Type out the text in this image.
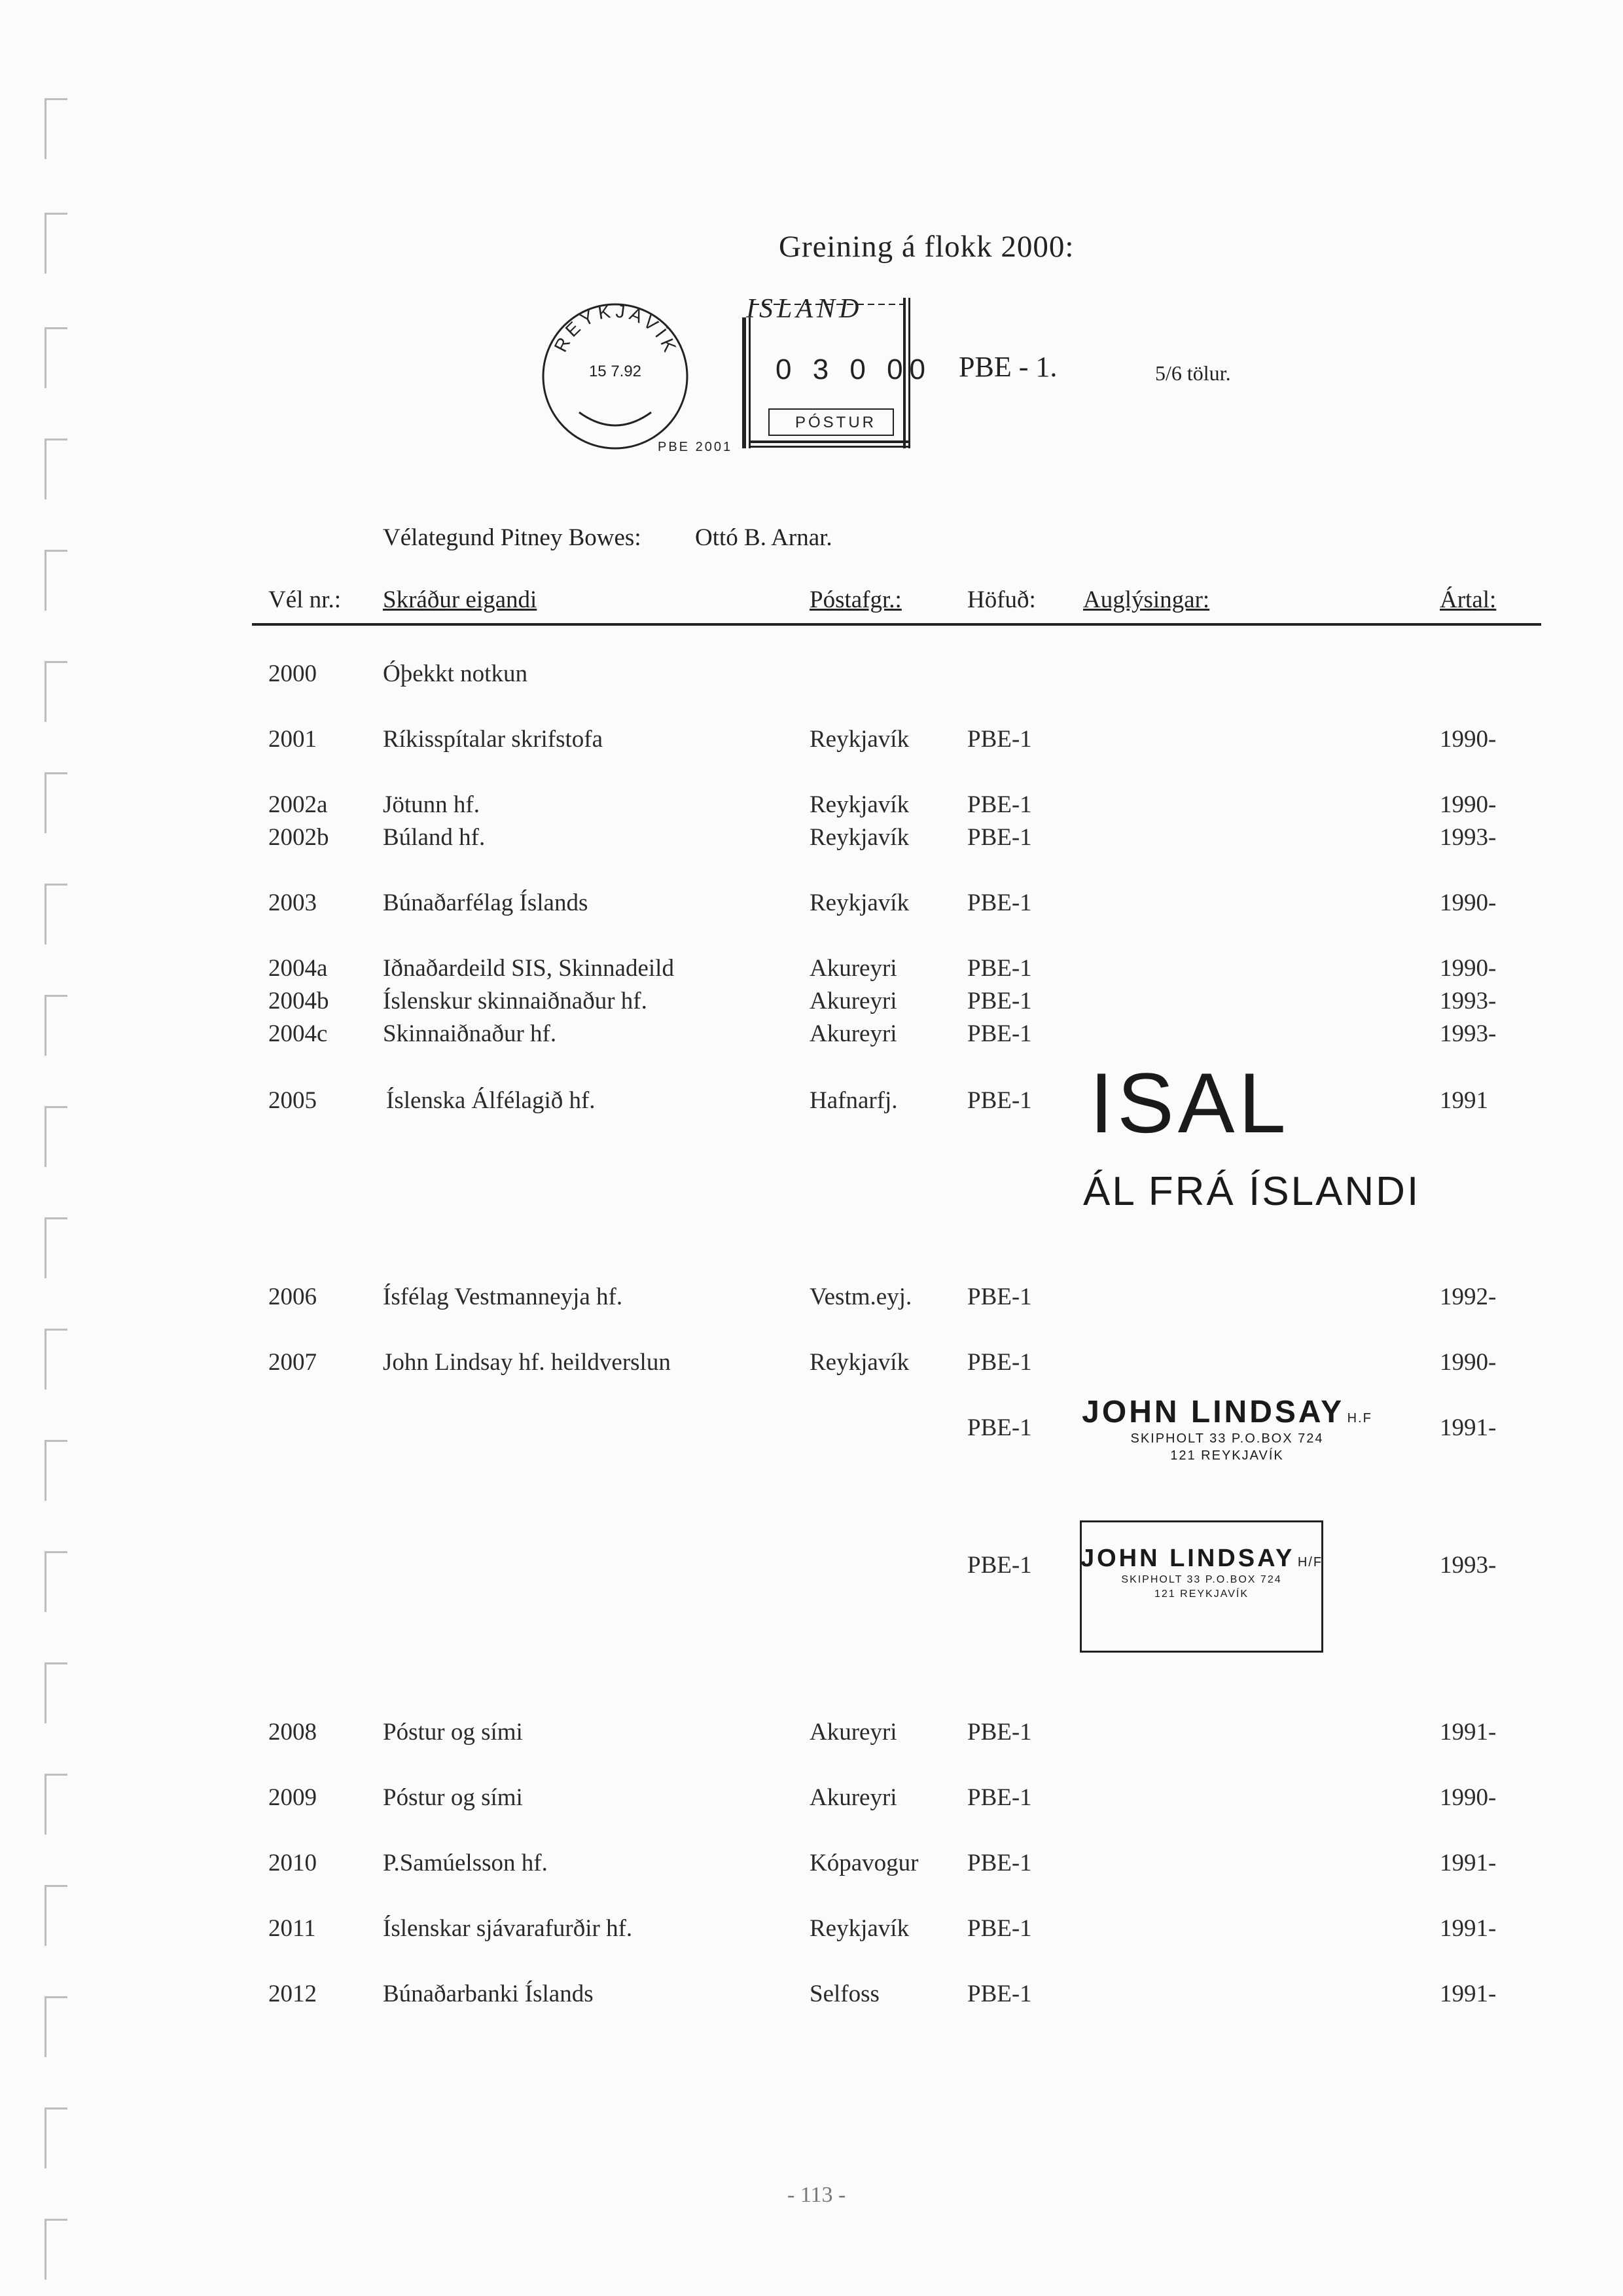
Greining á flokk 2000:
REYKJAVÍK
15 7.92
PBE 2001
ISLAND
0 3 0 00
PÓSTUR
PBE - 1.	5/6 tölur.
Vélategund Pitney Bowes: Ottó B. Arnar.
Vél nr.: Skráður eigandi	Póstafgr.:	Höfuð: Auglýsingar:	Ártal:
2000	Óþekkt notkun
2001	Ríkisspítalar skrifstofa	Reykjavík PBE-1	1990-
2002a Jötunn hf.	Reykjavík PBE-1	1990-
2002b Búland hf.	Reykjavík PBE-1	1993-
2003	Búnaðarfélag Íslands	Reykjavík PBE-1	1990-
2004a Iðnaðardeild SIS, Skinnadeild	Akureyri	PBE-1	1990-
2004b Íslenskur skinnaiðnaður hf.	Akureyri	PBE-1	1993-
2004c Skinnaiðnaður hf.	Akureyri	PBE-1	1993-
2005	Íslenska Álfélagið hf.	Hafnarfj.	PBE-1	1991
ISAL
ÁL FRÁ ÍSLANDI
2006	Ísfélag Vestmanneyja hf.	Vestm.eyj. PBE-1	1992-
2007	John Lindsay hf. heildverslun	Reykjavík PBE-1	1990-
PBE-1	1991-
JOHN LINDSAY H.F
SKIPHOLT 33 P.O.BOX 724
121 REYKJAVÍK
PBE-1	1993-
JOHN LINDSAY H/F
SKIPHOLT 33 P.O.BOX 724
121 REYKJAVÍK
2008	Póstur og sími	Akureyri	PBE-1	1991-
2009	Póstur og sími	Akureyri	PBE-1	1990-
2010	P.Samúelsson hf.	Kópavogur PBE-1	1991-
2011	Íslenskar sjávarafurðir hf.	Reykjavík PBE-1	1991-
2012	Búnaðarbanki Íslands	Selfoss	PBE-1	1991-
- 113 -
